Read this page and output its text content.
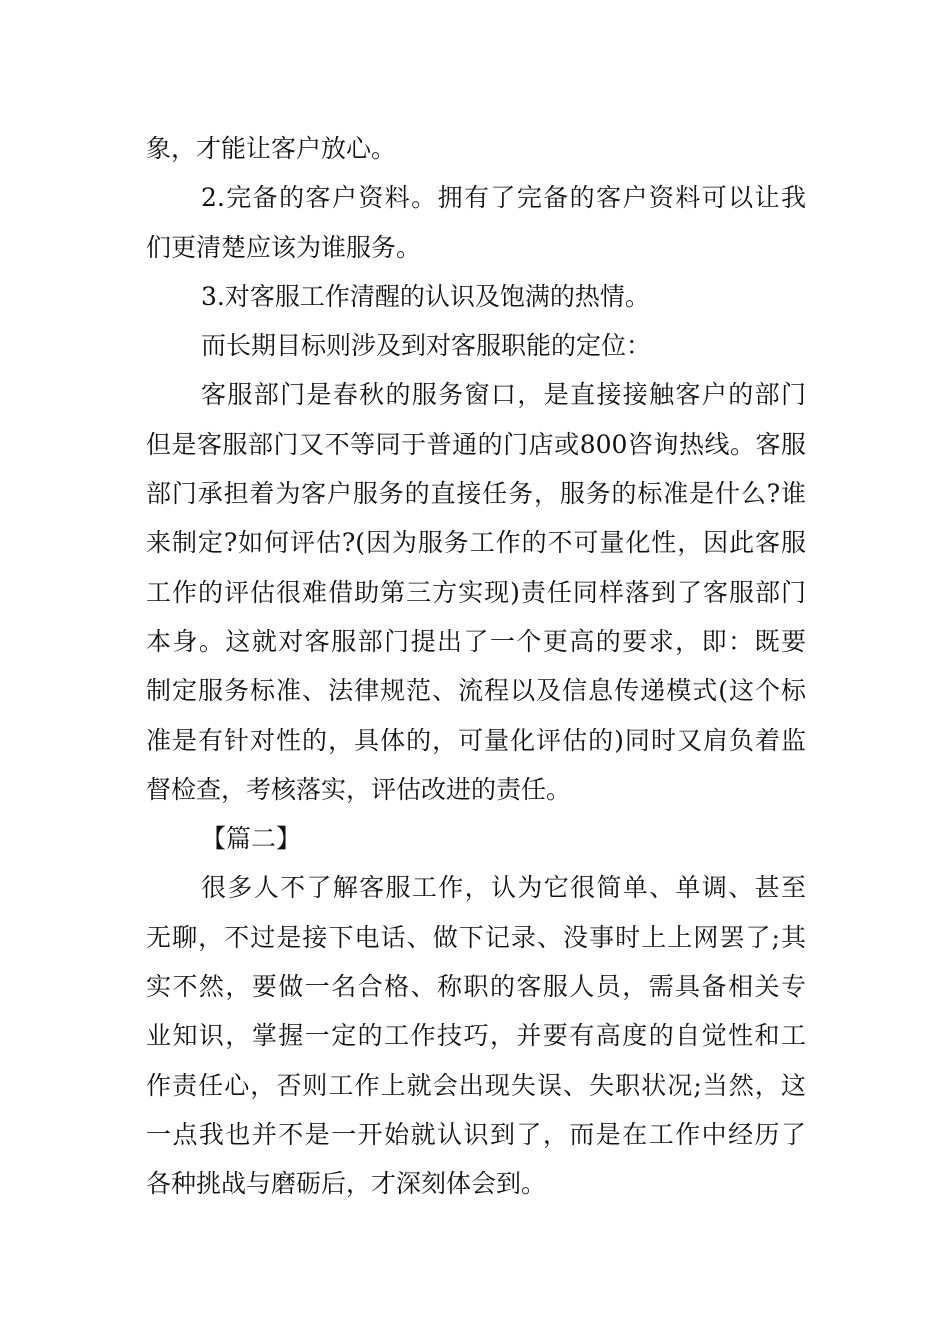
象，才能让客户放心。
2.完备的客户资料。拥有了完备的客户资料可以让我
们更清楚应该为谁服务。
3.对客服工作清醒的认识及饱满的热情。
而长期目标则涉及到对客服职能的定位：
客服部门是春秋的服务窗口，是直接接触客户的部门
但是客服部门又不等同于普通的门店或800咨询热线。客服
部门承担着为客户服务的直接任务，服务的标准是什么?谁
来制定?如何评估?(因为服务工作的不可量化性，因此客服
工作的评估很难借助第三方实现)责任同样落到了客服部门
本身。这就对客服部门提出了一个更高的要求，即：既要
制定服务标准、法律规范、流程以及信息传递模式(这个标
准是有针对性的，具体的，可量化评估的)同时又肩负着监
督检查，考核落实，评估改进的责任。
【篇二】
很多人不了解客服工作，认为它很简单、单调、甚至
无聊，不过是接下电话、做下记录、没事时上上网罢了;其
实不然，要做一名合格、称职的客服人员，需具备相关专
业知识，掌握一定的工作技巧，并要有高度的自觉性和工
作责任心，否则工作上就会出现失误、失职状况;当然，这
一点我也并不是一开始就认识到了，而是在工作中经历了
各种挑战与磨砺后，才深刻体会到。
